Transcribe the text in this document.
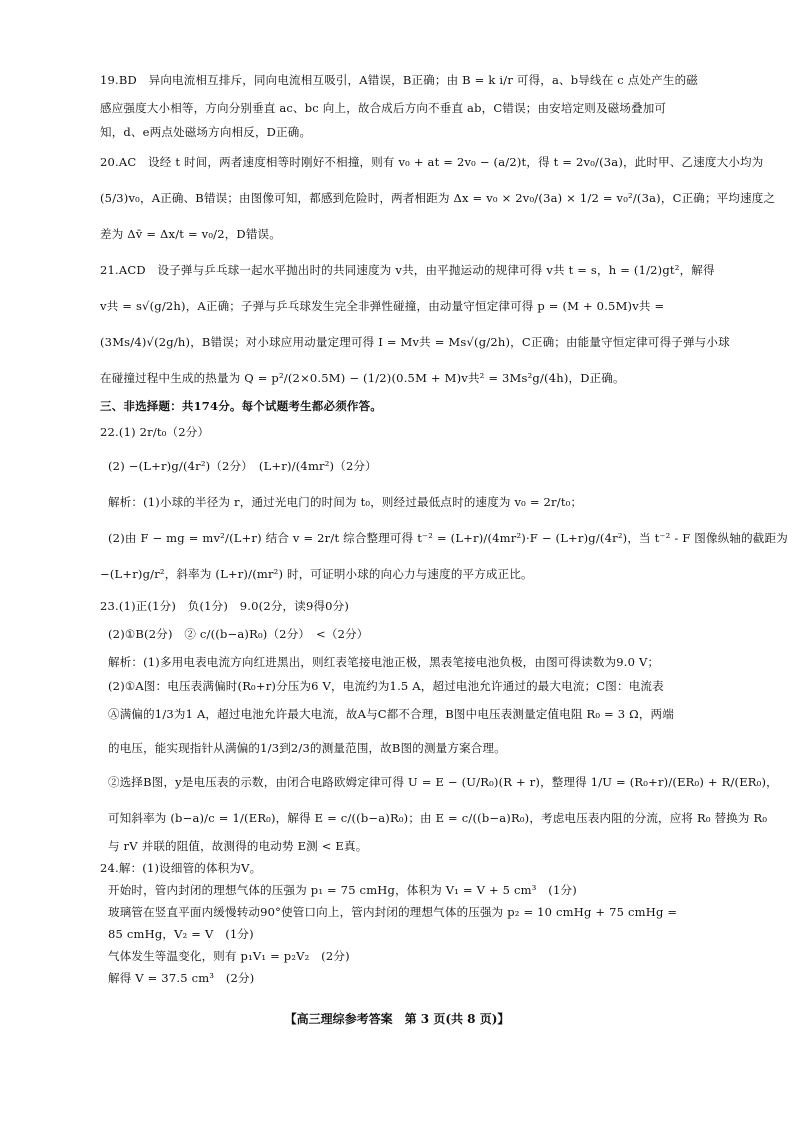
19.BD　异向电流相互排斥，同向电流相互吸引，A错误，B正确；由 B = k i/r 可得，a、b导线在 c 点处产生的磁
感应强度大小相等，方向分别垂直 ac、bc 向上，故合成后方向不垂直 ab，C错误；由安培定则及磁场叠加可
知，d、e两点处磁场方向相反，D正确。
20.AC　设经 t 时间，两者速度相等时刚好不相撞，则有 v₀ + at = 2v₀ − (a/2)t，得 t = 2v₀/(3a)，此时甲、乙速度大小均为
(5/3)v₀，A正确、B错误；由图像可知，都感到危险时，两者相距为 Δx = v₀ × 2v₀/(3a) × 1/2 = v₀²/(3a)，C正确；平均速度之
差为 Δv̄ = Δx/t = v₀/2，D错误。
21.ACD　设子弹与乒乓球一起水平抛出时的共同速度为 v共，由平抛运动的规律可得 v共 t = s，h = (1/2)gt²，解得
v共 = s√(g/2h)，A正确；子弹与乒乓球发生完全非弹性碰撞，由动量守恒定律可得 p = (M + 0.5M)v共 =
(3Ms/4)√(2g/h)，B错误；对小球应用动量定理可得 I = Mv共 = Ms√(g/2h)，C正确；由能量守恒定律可得子弹与小球
在碰撞过程中生成的热量为 Q = p²/(2×0.5M) − (1/2)(0.5M + M)v共² = 3Ms²g/(4h)，D正确。
三、非选择题：共174分。每个试题考生都必须作答。
22.(1) 2r/t₀（2分）
(2) −(L+r)g/(4r²)（2分）　(L+r)/(4mr²)（2分）
解析：(1)小球的半径为 r，通过光电门的时间为 t₀，则经过最低点时的速度为 v₀ = 2r/t₀；
(2)由 F − mg = mv²/(L+r) 结合 v = 2r/t 综合整理可得 t⁻² = (L+r)/(4mr²)·F − (L+r)g/(4r²)，当 t⁻² - F 图像纵轴的截距为
−(L+r)g/r²，斜率为 (L+r)/(mr²) 时，可证明小球的向心力与速度的平方成正比。
23.(1)正(1分)　负(1分)　9.0(2分，读9得0分)
(2)①B(2分)　② c/((b−a)R₀)（2分）　<（2分）
解析：(1)多用电表电流方向红进黑出，则红表笔接电池正极，黑表笔接电池负极，由图可得读数为9.0 V；
(2)①A图：电压表满偏时(R₀+r)分压为6 V，电流约为1.5 A，超过电池允许通过的最大电流；C图：电流表
Ⓐ满偏的1/3为1 A，超过电池允许最大电流，故A与C都不合理，B图中电压表测量定值电阻 R₀ = 3 Ω，两端
的电压，能实现指针从满偏的1/3到2/3的测量范围，故B图的测量方案合理。
②选择B图，y是电压表的示数，由闭合电路欧姆定律可得 U = E − (U/R₀)(R + r)，整理得 1/U = (R₀+r)/(ER₀) + R/(ER₀)，
可知斜率为 (b−a)/c = 1/(ER₀)，解得 E = c/((b−a)R₀)；由 E = c/((b−a)R₀)，考虑电压表内阻的分流，应将 R₀ 替换为 R₀
与 rV 并联的阻值，故测得的电动势 E测 < E真。
24.解：(1)设细管的体积为V。
开始时，管内封闭的理想气体的压强为 p₁ = 75 cmHg，体积为 V₁ = V + 5 cm³　(1分)
玻璃管在竖直平面内缓慢转动90°使管口向上，管内封闭的理想气体的压强为 p₂ = 10 cmHg + 75 cmHg =
85 cmHg，V₂ = V　(1分)
气体发生等温变化，则有 p₁V₁ = p₂V₂　(2分)
解得 V = 37.5 cm³　(2分)
【高三理综参考答案　第 3 页(共 8 页)】
